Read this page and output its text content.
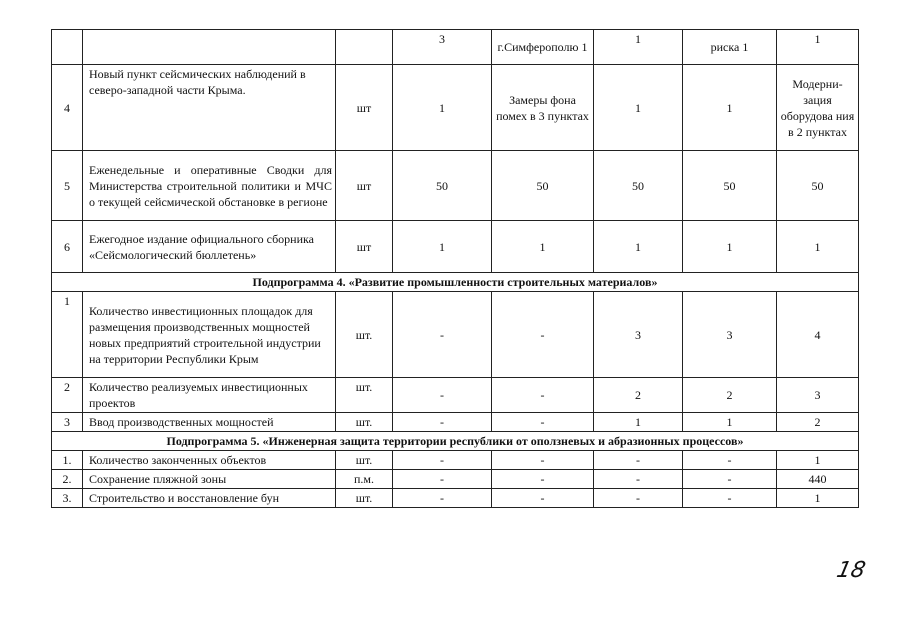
			3	г.Симферополю 1	1	риска 1	1
4	Новый пункт сейсмических наблюдений в северо-западной части Крыма.	шт	1	Замеры фона помех в 3 пунктах	1	1	Модерни-зация оборудова ния в 2 пунктах
5	Еженедельные и оперативные Сводки для Министерства строительной политики и МЧС о текущей сейсмической обстановке в регионе	шт	50	50	50	50	50
6	Ежегодное издание официального сборника «Сейсмологический бюллетень»	шт	1	1	1	1	1
Подпрограмма 4. «Развитие промышленности строительных материалов»							
1	Количество инвестиционных площадок для размещения производственных мощностей новых предприятий строительной индустрии на территории Республики Крым	шт.	-	-	3	3	4
2	Количество реализуемых инвестиционных проектов	шт.	-	-	2	2	3
3	Ввод производственных мощностей	шт.	-	-	1	1	2
Подпрограмма 5. «Инженерная защита территории республики от оползневых и абразионных процессов»							
1.	Количество законченных объектов	шт.	-	-	-	-	1
2.	Сохранение пляжной зоны	п.м.	-	-	-	-	440
3.	Строительство и восстановление бун	шт.	-	-	-	-	1
18
